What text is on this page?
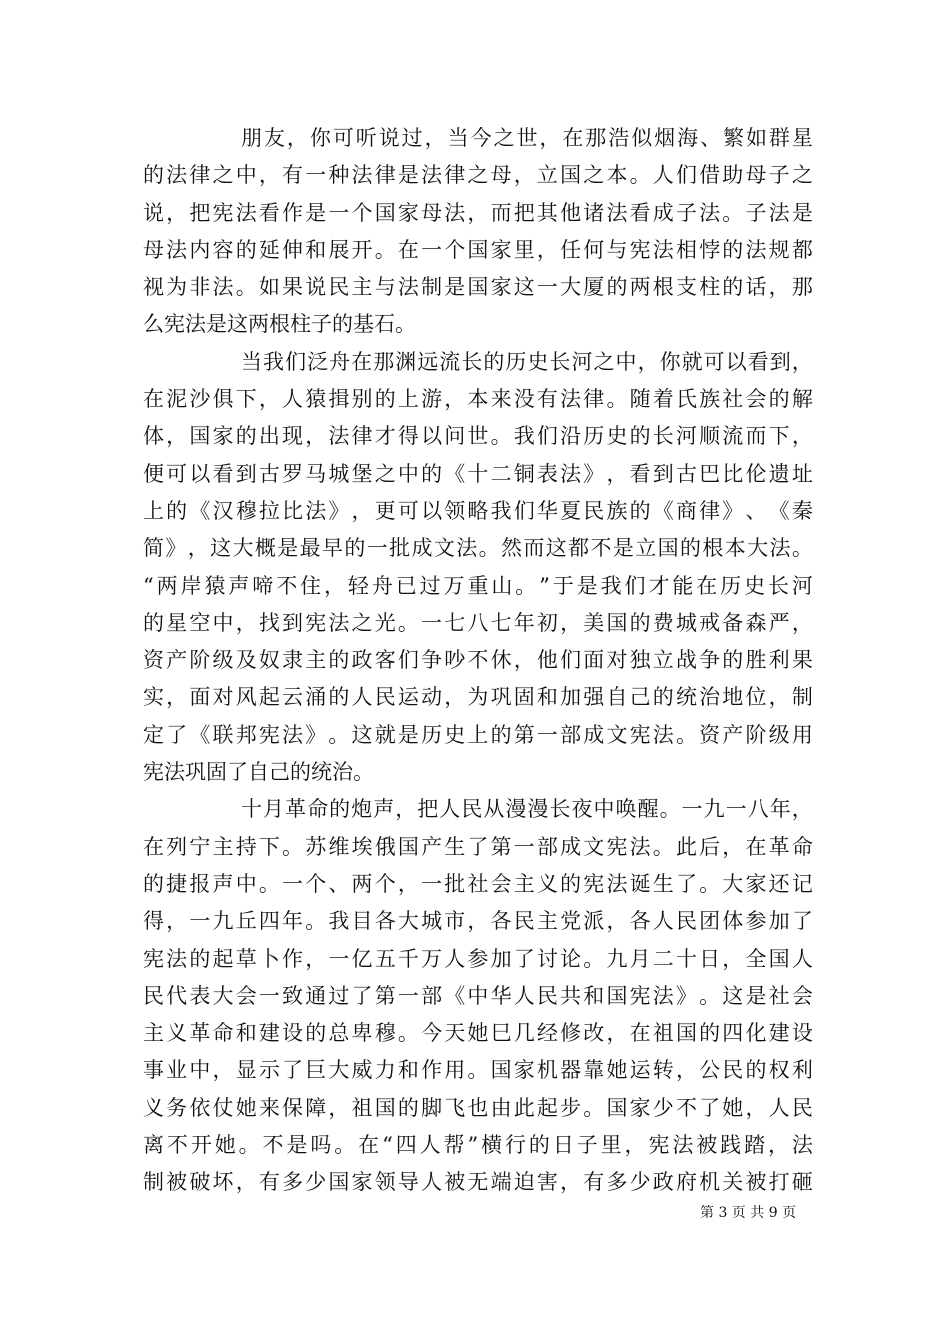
朋 友 ， 你 可 听 说 过 ， 当 今 之 世 ， 在 那 浩 似 烟 海 、 繁 如 群 星
的 法 律 之 中 ， 有 一 种 法 律 是 法 律 之 母 ， 立 国 之 本 。 人 们 借 助 母 子 之
说 ， 把 宪 法 看 作 是 一 个 国 家 母 法 ， 而 把 其 他 诸 法 看 成 子 法 。 子 法 是
母 法 内 容 的 延 伸 和 展 开 。 在 一 个 国 家 里 ， 任 何 与 宪 法 相 悖 的 法 规 都
视 为 非 法 。 如 果 说 民 主 与 法 制 是 国 家 这 一 大 厦 的 两 根 支 柱 的 话 ， 那
么宪法是这两根柱子的基石。
当 我 们 泛 舟 在 那 渊 远 流 长 的 历 史 长 河 之 中 ， 你 就 可 以 看 到 ，
在 泥 沙 俱 下 ， 人 猿 揖 别 的 上 游 ， 本 来 没 有 法 律 。 随 着 氏 族 社 会 的 解
体 ， 国 家 的 出 现 ， 法 律 才 得 以 问 世 。 我 们 沿 历 史 的 长 河 顺 流 而 下 ，
便 可 以 看 到 古 罗 马 城 堡 之 中 的 《 十 二 铜 表 法 》 ， 看 到 古 巴 比 伦 遗 址
上 的 《 汉 穆 拉 比 法 》 ， 更 可 以 领 略 我 们 华 夏 民 族 的 《 商 律 》 、 《 秦
简 》 ， 这 大 概 是 最 早 的 一 批 成 文 法 。 然 而 这 都 不 是 立 国 的 根 本 大 法 。
“ 两 岸 猿 声 啼 不 住 ， 轻 舟 已 过 万 重 山 。 ” 于 是 我 们 才 能 在 历 史 长 河
的 星 空 中 ， 找 到 宪 法 之 光 。 一 七 八 七 年 初 ， 美 国 的 费 城 戒 备 森 严 ，
资 产 阶 级 及 奴 隶 主 的 政 客 们 争 吵 不 休 ， 他 们 面 对 独 立 战 争 的 胜 利 果
实 ， 面 对 风 起 云 涌 的 人 民 运 动 ， 为 巩 固 和 加 强 自 己 的 统 治 地 位 ， 制
定 了 《 联 邦 宪 法 》 。 这 就 是 历 史 上 的 第 一 部 成 文 宪 法 。 资 产 阶 级 用
宪法巩固了自己的统治。
十 月 革 命 的 炮 声 ， 把 人 民 从 漫 漫 长 夜 中 唤 醒 。 一 九 一 八 年 ，
在 列 宁 主 持 下 。 苏 维 埃 俄 国 产 生 了 第 一 部 成 文 宪 法 。 此 后 ， 在 革 命
的 捷 报 声 中 。 一 个 、 两 个 ， 一 批 社 会 主 义 的 宪 法 诞 生 了 。 大 家 还 记
得 ， 一 九 丘 四 年 。 我 目 各 大 城 市 ， 各 民 主 党 派 ， 各 人 民 团 体 参 加 了
宪 法 的 起 草 卜 作 ， 一 亿 五 千 万 人 参 加 了 讨 论 。 九 月 二 十 日 ， 全 国 人
民 代 表 大 会 一 致 通 过 了 第 一 部 《 中 华 人 民 共 和 国 宪 法 》 。 这 是 社 会
主 义 革 命 和 建 设 的 总 卑 穆 。 今 天 她 巳 几 经 修 改 ， 在 祖 国 的 四 化 建 设
事 业 中 ， 显 示 了 巨 大 威 力 和 作 用 。 国 家 机 器 靠 她 运 转 ， 公 民 的 权 利
义 务 依 仗 她 来 保 障 ， 祖 国 的 脚 飞 也 由 此 起 步 。 国 家 少 不 了 她 ， 人 民
离 不 开 她 。 不 是 吗 。 在 “ 四 人 帮 ” 横 行 的 日 子 里 ， 宪 法 被 践 踏 ， 法
制 被 破 坏 ， 有 多 少 国 家 领 导 人 被 无 端 迫 害 ， 有 多 少 政 府 机 关 被 打 砸
第 3 页 共 9 页
